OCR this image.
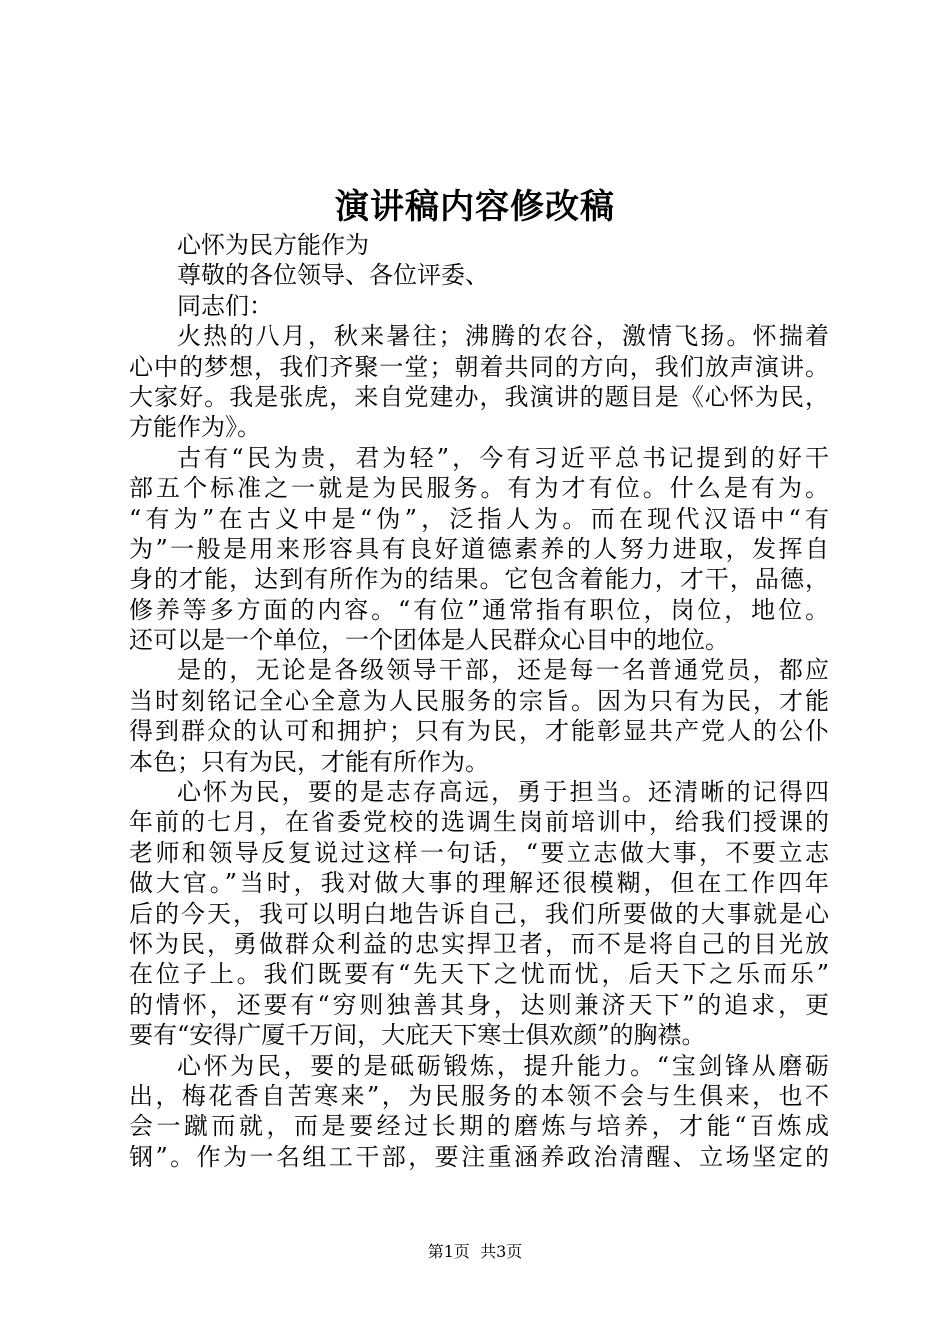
演讲稿内容修改稿
心怀为民方能作为
尊敬的各位领导、各位评委、
同志们：
火热的八月，秋来暑往；沸腾的农谷，激情飞扬。怀揣着
心中的梦想，我们齐聚一堂；朝着共同的方向，我们放声演讲。
大家好。我是张虎，来自党建办，我演讲的题目是《心怀为民，
方能作为》。
古有“民为贵，君为轻”，今有习近平总书记提到的好干
部五个标准之一就是为民服务。有为才有位。什么是有为。
“有为”在古义中是“伪”，泛指人为。而在现代汉语中“有
为”一般是用来形容具有良好道德素养的人努力进取，发挥自
身的才能，达到有所作为的结果。它包含着能力，才干，品德，
修养等多方面的内容。“有位”通常指有职位，岗位，地位。
还可以是一个单位，一个团体是人民群众心目中的地位。
是的，无论是各级领导干部，还是每一名普通党员，都应
当时刻铭记全心全意为人民服务的宗旨。因为只有为民，才能
得到群众的认可和拥护；只有为民，才能彰显共产党人的公仆
本色；只有为民，才能有所作为。
心怀为民，要的是志存高远，勇于担当。还清晰的记得四
年前的七月，在省委党校的选调生岗前培训中，给我们授课的
老师和领导反复说过这样一句话，“要立志做大事，不要立志
做大官。”当时，我对做大事的理解还很模糊，但在工作四年
后的今天，我可以明白地告诉自己，我们所要做的大事就是心
怀为民，勇做群众利益的忠实捍卫者，而不是将自己的目光放
在位子上。我们既要有“先天下之忧而忧，后天下之乐而乐”
的情怀，还要有“穷则独善其身，达则兼济天下”的追求，更
要有“安得广厦千万间，大庇天下寒士俱欢颜”的胸襟。
心怀为民，要的是砥砺锻炼，提升能力。“宝剑锋从磨砺
出，梅花香自苦寒来”，为民服务的本领不会与生俱来，也不
会一蹴而就，而是要经过长期的磨炼与培养，才能“百炼成
钢”。作为一名组工干部，要注重涵养政治清醒、立场坚定的
第1页  共3页
